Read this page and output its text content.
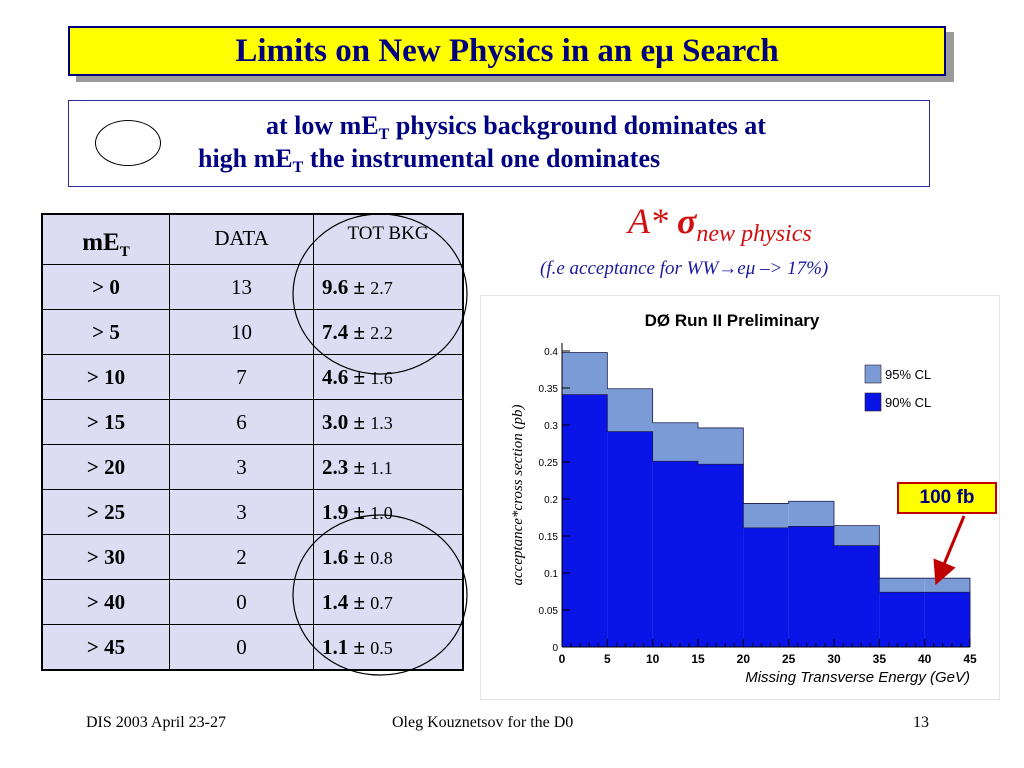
Limits on New Physics in an eμ Search
at low $mE_T$ physics background dominates at
high $mE_T$ the instrumental one dominates
$mE_T$	DATA	TOT BKG
> 0	13	9.6 ± 2.7
> 5	10	7.4 ± 2.2
> 10	7	4.6 ± 1.6
> 15	6	3.0 ± 1.3
> 20	3	2.3 ± 1.1
> 25	3	1.9 ± 1.0
> 30	2	1.6 ± 0.8
> 40	0	1.4 ± 0.7
> 45	0	1.1 ± 0.5
A* $\sigma_{new physics}$
(f.e acceptance for WW→eμ –> 17%)
0	5	10	15	20	25	30	35	40	45
0
0.05
0.1
0.15
0.2
0.25
0.3
0.35
0.4
DØ Run II Preliminary
Missing Transverse Energy (GeV)
acceptance*cross section (pb)
95% CL
90% CL
100 fb
DIS 2003 April 23-27	Oleg Kouznetsov for the D0	13
